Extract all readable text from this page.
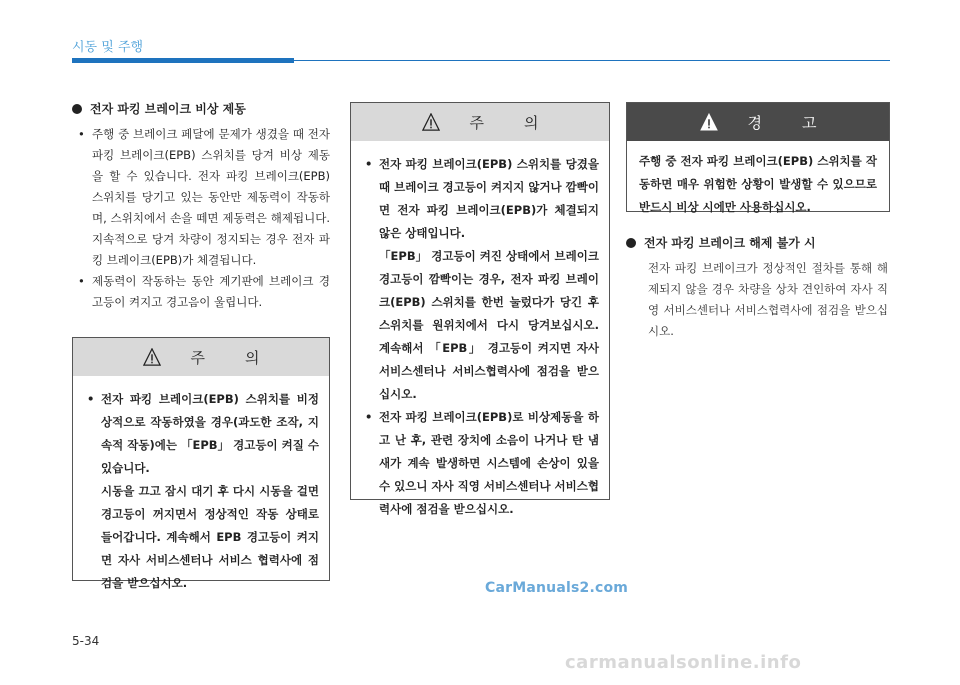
시동 및 주행
전자 파킹 브레이크 비상 제동
• 주행 중 브레이크 페달에 문제가 생겼을 때 전자 파킹 브레이크(EPB) 스위치를 당겨 비상 제동을 할 수 있습니다. 전자 파킹 브레이크(EPB) 스위치를 당기고 있는 동안만 제동력이 작동하며, 스위치에서 손을 떼면 제동력은 해제됩니다. 지속적으로 당겨 차량이 정지되는 경우 전자 파킹 브레이크(EPB)가 체결됩니다.
• 제동력이 작동하는 동안 계기판에 브레이크 경고등이 켜지고 경고음이 울립니다.
주	의
• 전자 파킹 브레이크(EPB) 스위치를 비정상적으로 작동하였을 경우(과도한 조작, 지속적 작동)에는 「EPB」 경고등이 켜질 수 있습니다.

시동을 끄고 잠시 대기 후 다시 시동을 걸면 경고등이 꺼지면서 정상적인 작동 상태로 들어갑니다. 계속해서 EPB 경고등이 켜지면 자사 서비스센터나 서비스 협력사에 점검을 받으십시오.

주	의
• 전자 파킹 브레이크(EPB) 스위치를 당겼을 때 브레이크 경고등이 켜지지 않거나 깜빡이면 전자 파킹 브레이크(EPB)가 체결되지 않은 상태입니다.

「EPB」 경고등이 켜진 상태에서 브레이크 경고등이 깜빡이는 경우, 전자 파킹 브레이크(EPB) 스위치를 한번 눌렀다가 당긴 후 스위치를 원위치에서 다시 당겨보십시오. 계속해서 「EPB」 경고등이 켜지면 자사 서비스센터나 서비스협력사에 점검을 받으십시오.

• 전자 파킹 브레이크(EPB)로 비상제동을 하고 난 후, 관련 장치에 소음이 나거나 탄 냄새가 계속 발생하면 시스템에 손상이 있을 수 있으니 자사 직영 서비스센터나 서비스협력사에 점검을 받으십시오.
경	고

주행 중 전자 파킹 브레이크(EPB) 스위치를 작동하면 매우 위험한 상황이 발생할 수 있으므로 반드시 비상 시에만 사용하십시오.

전자 파킹 브레이크 해제 불가 시
전자 파킹 브레이크가 정상적인 절차를 통해 해제되지 않을 경우 차량을 상차 견인하여 자사 직영 서비스센터나 서비스협력사에 점검을 받으십시오.
CarManuals2.com
5-34
carmanualsonline.info
